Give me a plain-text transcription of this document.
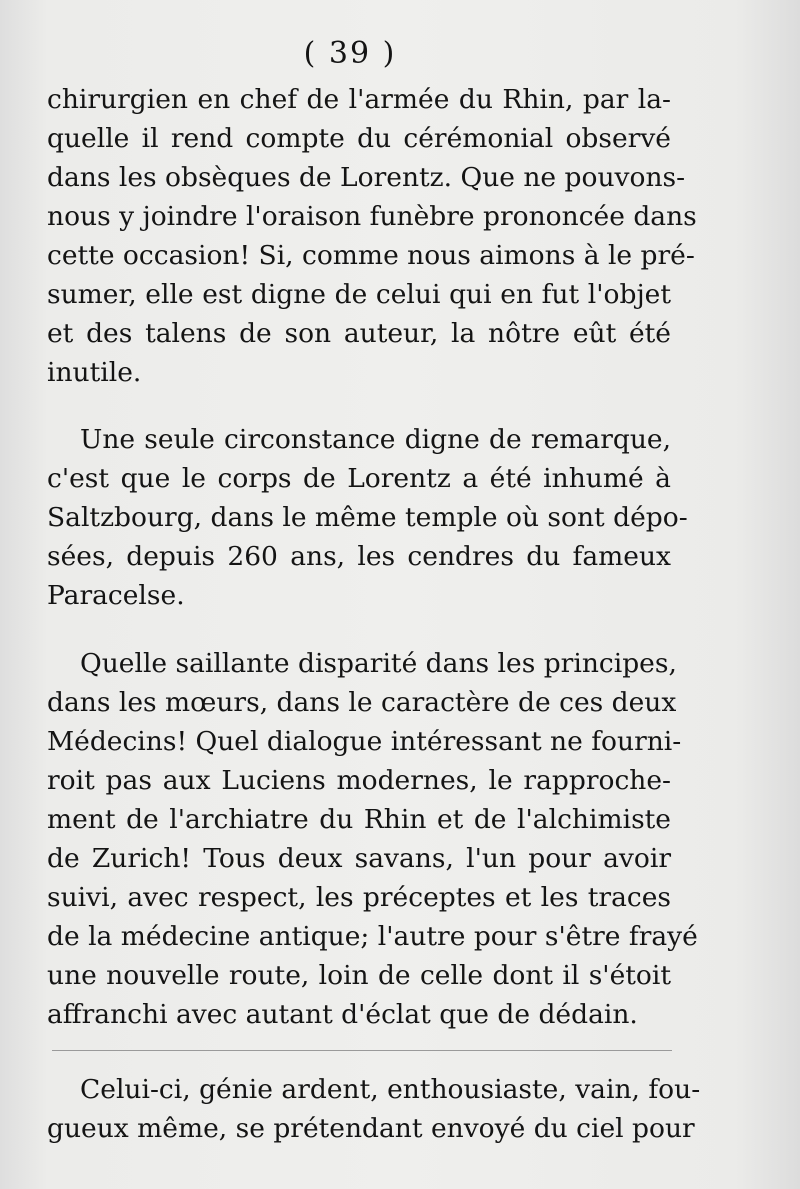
( 39 )
chirurgien en chef de l'armée du Rhin, par la-
quelle il rend compte du cérémonial observé
dans les obsèques de Lorentz. Que ne pouvons-
nous y joindre l'oraison funèbre prononcée dans
cette occasion! Si, comme nous aimons à le pré-
sumer, elle est digne de celui qui en fut l'objet
et des talens de son auteur, la nôtre eût été
inutile.
Une seule circonstance digne de remarque,
c'est que le corps de Lorentz a été inhumé à
Saltzbourg, dans le même temple où sont dépo-
sées, depuis 260 ans, les cendres du fameux
Paracelse.
Quelle saillante disparité dans les principes,
dans les mœurs, dans le caractère de ces deux
Médecins! Quel dialogue intéressant ne fourni-
roit pas aux Luciens modernes, le rapproche-
ment de l'archiatre du Rhin et de l'alchimiste
de Zurich! Tous deux savans, l'un pour avoir
suivi, avec respect, les préceptes et les traces
de la médecine antique; l'autre pour s'être frayé
une nouvelle route, loin de celle dont il s'étoit
affranchi avec autant d'éclat que de dédain.
Celui-ci, génie ardent, enthousiaste, vain, fou-
gueux même, se prétendant envoyé du ciel pour
